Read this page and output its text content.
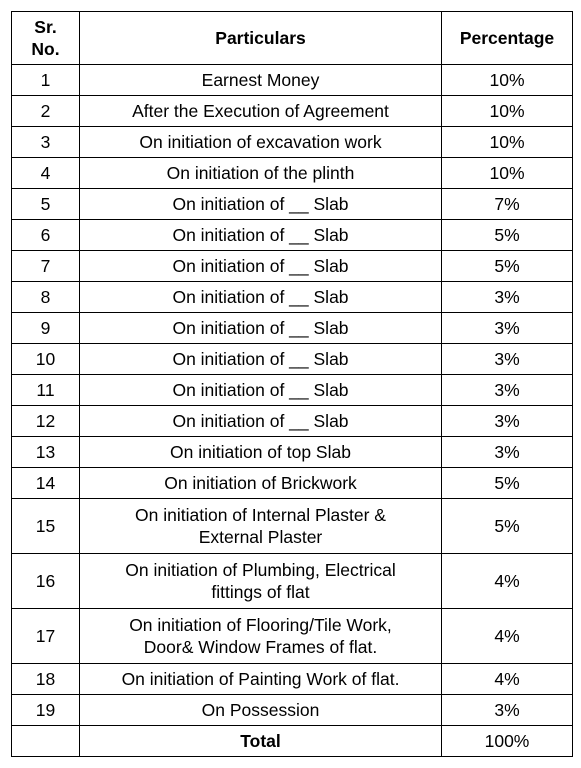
Sr.
No.	Particulars	Percentage
1	Earnest Money	10%
2	After the Execution of Agreement	10%
3	On initiation of excavation work	10%
4	On initiation of the plinth	10%
5	On initiation of __ Slab	7%
6	On initiation of __ Slab	5%
7	On initiation of __ Slab	5%
8	On initiation of __ Slab	3%
9	On initiation of __ Slab	3%
10	On initiation of __ Slab	3%
11	On initiation of __ Slab	3%
12	On initiation of __ Slab	3%
13	On initiation of top Slab	3%
14	On initiation of Brickwork	5%
15	On initiation of Internal Plaster &
External Plaster	5%
16	On initiation of Plumbing, Electrical
fittings of flat	4%
17	On initiation of Flooring/Tile Work,
Door& Window Frames of flat.	4%
18	On initiation of Painting Work of flat.	4%
19	On Possession	3%
	Total	100%
